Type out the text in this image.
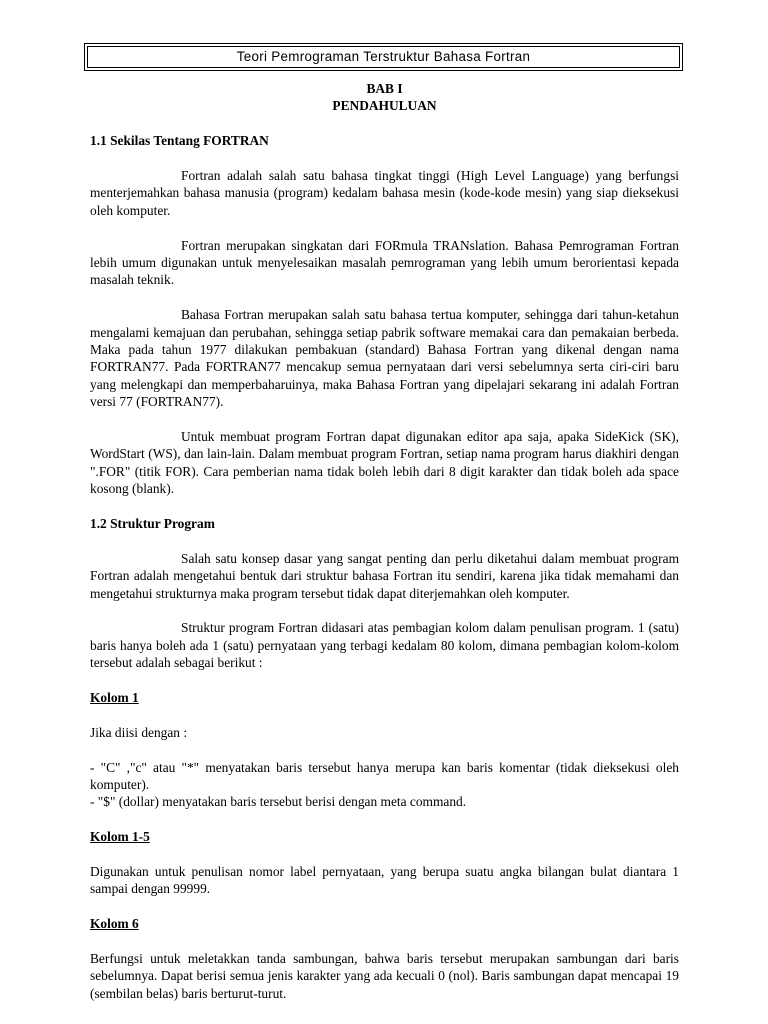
Teori Pemrograman Terstruktur Bahasa Fortran
BAB I
PENDAHULUAN
1.1 Sekilas Tentang FORTRAN

Fortran adalah salah satu bahasa tingkat tinggi (High Level Language) yang berfungsi menterjemahkan bahasa manusia (program) kedalam bahasa mesin (kode-kode mesin) yang siap dieksekusi oleh komputer.

Fortran merupakan singkatan dari FORmula TRANslation. Bahasa Pemrograman Fortran lebih umum digunakan untuk menyelesaikan masalah pemrograman yang lebih umum berorientasi kepada masalah teknik.

Bahasa Fortran merupakan salah satu bahasa tertua komputer, sehingga dari tahun-ketahun mengalami kemajuan dan perubahan, sehingga setiap pabrik software memakai cara dan pemakaian berbeda. Maka pada tahun 1977 dilakukan pembakuan (standard) Bahasa Fortran yang dikenal dengan nama FORTRAN77. Pada FORTRAN77 mencakup semua pernyataan dari versi sebelumnya serta ciri-ciri baru yang melengkapi dan memperbaharuinya, maka Bahasa Fortran yang dipelajari sekarang ini adalah Fortran versi 77 (FORTRAN77).

Untuk membuat program Fortran dapat digunakan editor apa saja, apaka SideKick (SK), WordStart (WS), dan lain-lain. Dalam membuat program Fortran, setiap nama program harus diakhiri dengan ".FOR" (titik FOR). Cara pemberian nama tidak boleh lebih dari 8 digit karakter dan tidak boleh ada space kosong (blank).

1.2 Struktur Program

Salah satu konsep dasar yang sangat penting dan perlu diketahui dalam membuat program Fortran adalah mengetahui bentuk dari struktur bahasa Fortran itu sendiri, karena jika tidak memahami dan mengetahui strukturnya maka program tersebut tidak dapat diterjemahkan oleh komputer.

Struktur program Fortran didasari atas pembagian kolom dalam penulisan program. 1 (satu) baris hanya boleh ada 1 (satu) pernyataan yang terbagi kedalam 80 kolom, dimana pembagian kolom-kolom tersebut adalah sebagai berikut :

Kolom 1

Jika diisi dengan :

- "C" ,"c" atau "*" menyatakan baris tersebut hanya merupa kan baris komentar (tidak dieksekusi oleh komputer).

- "$" (dollar) menyatakan baris tersebut berisi dengan meta command.

Kolom 1-5

Digunakan untuk penulisan nomor label pernyataan, yang berupa suatu angka bilangan bulat diantara 1 sampai dengan 99999.

Kolom 6

Berfungsi untuk meletakkan tanda sambungan, bahwa baris tersebut merupakan sambungan dari baris sebelumnya. Dapat berisi semua jenis karakter yang ada kecuali 0 (nol). Baris sambungan dapat mencapai 19 (sembilan belas) baris berturut-turut.
